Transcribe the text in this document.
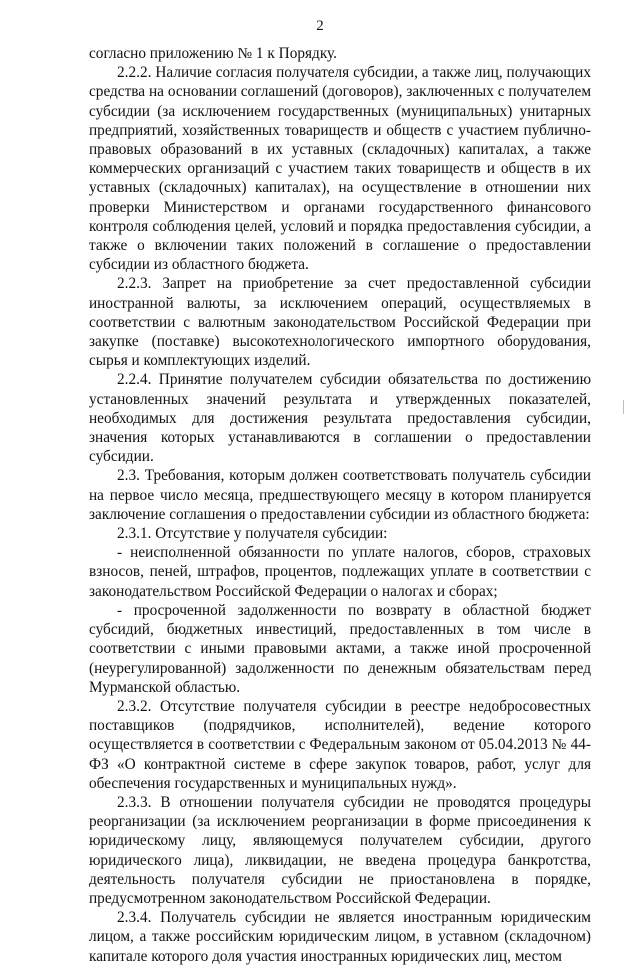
2

согласно приложению № 1 к Порядку.

2.2.2. Наличие согласия получателя субсидии, а также лиц, получающих средства на основании соглашений (договоров), заключенных с получателем субсидии (за исключением государственных (муниципальных) унитарных предприятий, хозяйственных товариществ и обществ с участием публично-правовых образований в их уставных (складочных) капиталах, а также коммерческих организаций с участием таких товариществ и обществ в их уставных (складочных) капиталах), на осуществление в отношении них проверки Министерством и органами государственного финансового контроля соблюдения целей, условий и порядка предоставления субсидии, а также о включении таких положений в соглашение о предоставлении субсидии из областного бюджета.

2.2.3. Запрет на приобретение за счет предоставленной субсидии иностранной валюты, за исключением операций, осуществляемых в соответствии с валютным законодательством Российской Федерации при закупке (поставке) высокотехнологического импортного оборудования, сырья и комплектующих изделий.

2.2.4. Принятие получателем субсидии обязательства по достижению установленных значений результата и утвержденных показателей, необходимых для достижения результата предоставления субсидии, значения которых устанавливаются в соглашении о предоставлении субсидии.

2.3. Требования, которым должен соответствовать получатель субсидии на первое число месяца, предшествующего месяцу в котором планируется заключение соглашения о предоставлении субсидии из областного бюджета:

2.3.1. Отсутствие у получателя субсидии:

- неисполненной обязанности по уплате налогов, сборов, страховых взносов, пеней, штрафов, процентов, подлежащих уплате в соответствии с законодательством Российской Федерации о налогах и сборах;

- просроченной задолженности по возврату в областной бюджет субсидий, бюджетных инвестиций, предоставленных в том числе в соответствии с иными правовыми актами, а также иной просроченной (неурегулированной) задолженности по денежным обязательствам перед Мурманской областью.

2.3.2. Отсутствие получателя субсидии в реестре недобросовестных поставщиков (подрядчиков, исполнителей), ведение которого осуществляется в соответствии с Федеральным законом от 05.04.2013 № 44-ФЗ «О контрактной системе в сфере закупок товаров, работ, услуг для обеспечения государственных и муниципальных нужд».

2.3.3. В отношении получателя субсидии не проводятся процедуры реорганизации (за исключением реорганизации в форме присоединения к юридическому лицу, являющемуся получателем субсидии, другого юридического лица), ликвидации, не введена процедура банкротства, деятельность получателя субсидии не приостановлена в порядке, предусмотренном законодательством Российской Федерации.

2.3.4. Получатель субсидии не является иностранным юридическим лицом, а также российским юридическим лицом, в уставном (складочном) капитале которого доля участия иностранных юридических лиц, местом
